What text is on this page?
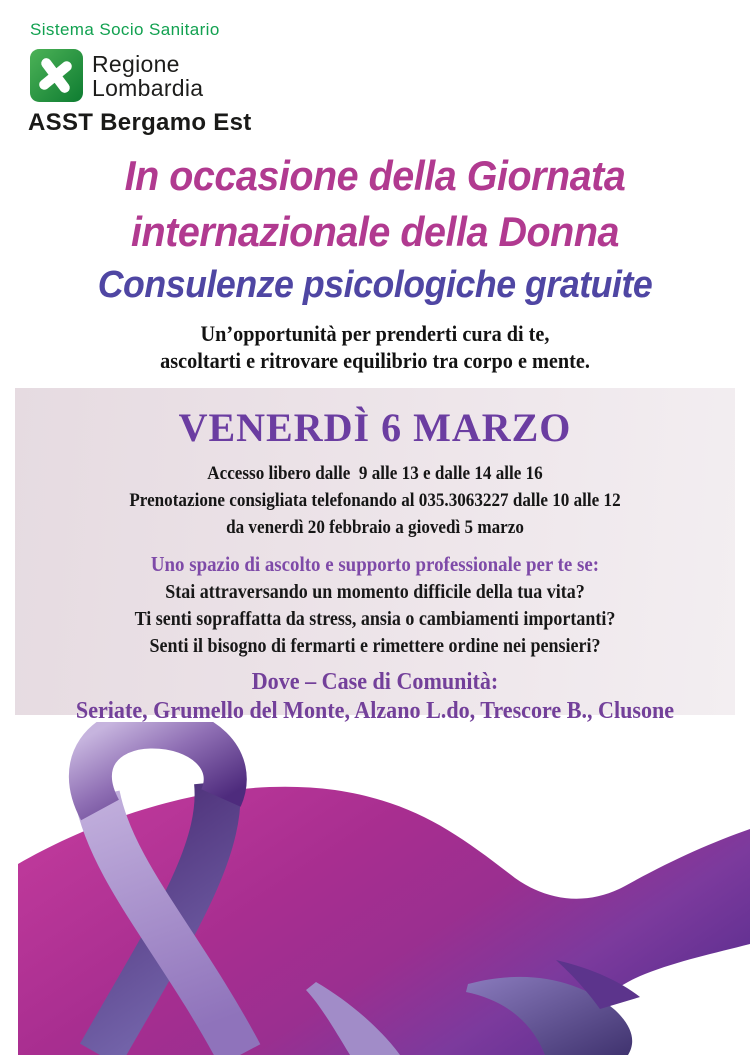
Sistema Socio Sanitario
Regione
Lombardia
ASST Bergamo Est
In occasione della Giornata
internazionale della Donna
Consulenze psicologiche gratuite
Un’opportunità per prenderti cura di te,
ascoltarti e ritrovare equilibrio tra corpo e mente.
VENERDÌ 6 MARZO
Accesso libero dalle  9 alle 13 e dalle 14 alle 16
Prenotazione consigliata telefonando al 035.3063227 dalle 10 alle 12
da venerdì 20 febbraio a giovedì 5 marzo
Uno spazio di ascolto e supporto professionale per te se:
Stai attraversando un momento difficile della tua vita?
Ti senti sopraffatta da stress, ansia o cambiamenti importanti?
Senti il bisogno di fermarti e rimettere ordine nei pensieri?
Dove – Case di Comunità:
Seriate, Grumello del Monte, Alzano L.do, Trescore B., Clusone
